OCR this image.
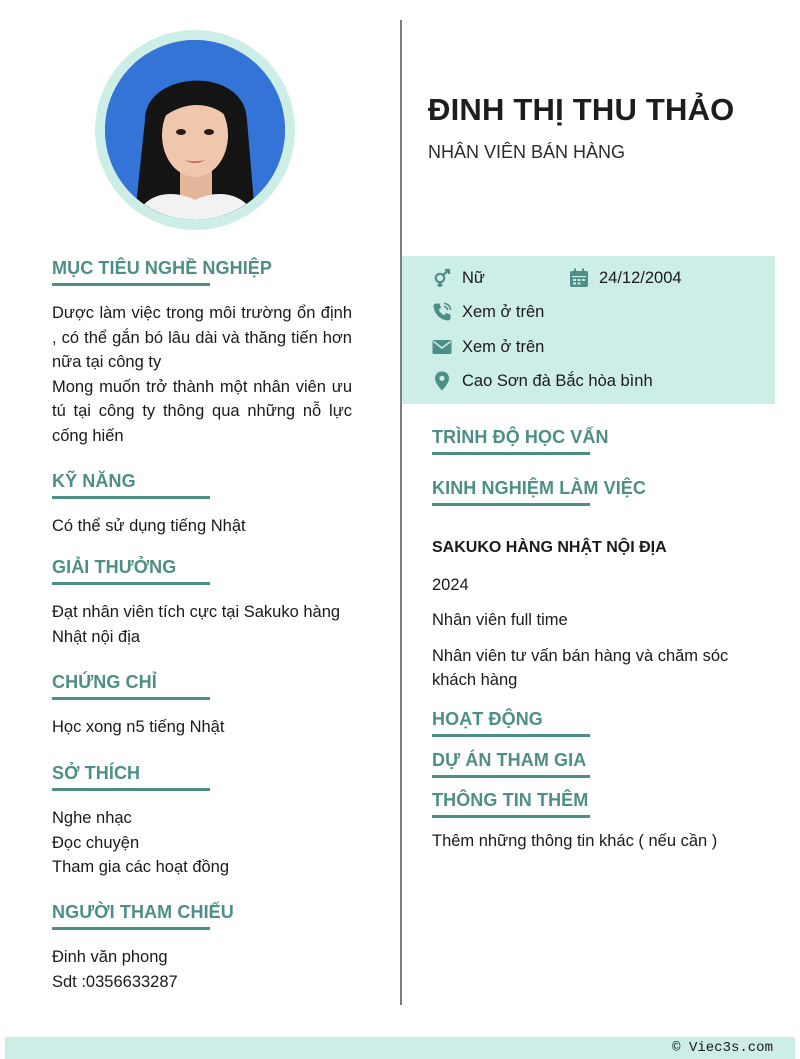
MỤC TIÊU NGHỀ NGHIỆP
Dược làm việc trong môi trường ổn định , có thể gắn bó lâu dài và thăng tiến hơn nữa tại công ty
Mong muốn trở thành một nhân viên ưu tú tại công ty thông qua những nỗ lực cống hiến
KỸ NĂNG
Có thể sử dụng tiếng Nhật
GIẢI THƯỞNG
Đạt nhân viên tích cực tại Sakuko hàng Nhật nội địa
CHỨNG CHỈ
Học xong n5 tiếng Nhật
SỞ THÍCH
Nghe nhạc
Đọc chuyện
Tham gia các hoạt đồng
NGƯỜI THAM CHIẾU
Đinh văn phong
Sdt :0356633287
ĐINH THỊ THU THẢO
NHÂN VIÊN BÁN HÀNG
Nữ	24/12/2004
Xem ở trên
Xem ở trên
Cao Sơn đà Bắc hòa bình
TRÌNH ĐỘ HỌC VẤN
KINH NGHIỆM LÀM VIỆC
SAKUKO HÀNG NHẬT NỘI ĐỊA
2024
Nhân viên full time
Nhân viên tư vấn bán hàng và chăm sóc khách hàng
HOẠT ĐỘNG
DỰ ÁN THAM GIA
THÔNG TIN THÊM
Thêm những thông tin khác ( nếu cần )
© Viec3s.com
